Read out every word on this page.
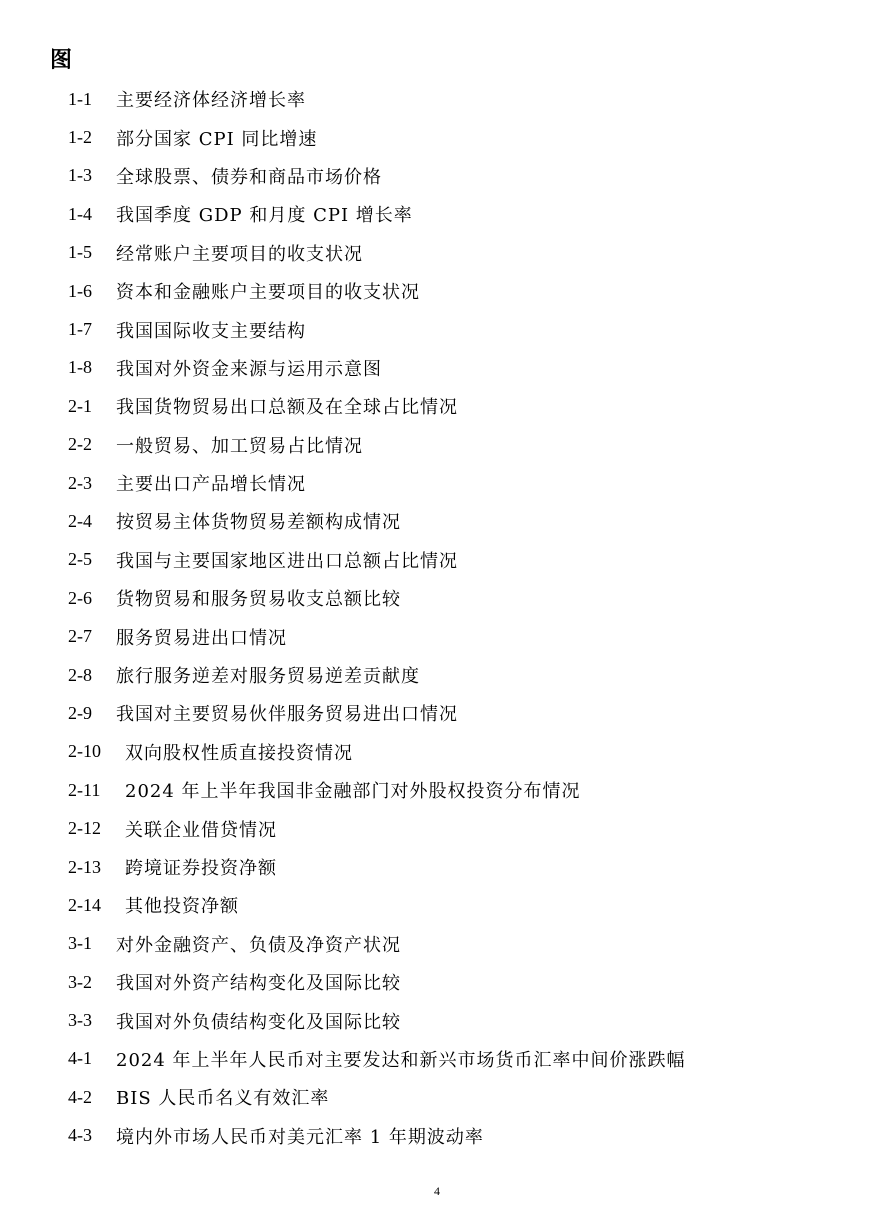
图
1-1	主要经济体经济增长率
1-2	部分国家 CPI 同比增速
1-3	全球股票、债券和商品市场价格
1-4	我国季度 GDP 和月度 CPI 增长率
1-5	经常账户主要项目的收支状况
1-6	资本和金融账户主要项目的收支状况
1-7	我国国际收支主要结构
1-8	我国对外资金来源与运用示意图
2-1	我国货物贸易出口总额及在全球占比情况
2-2	一般贸易、加工贸易占比情况
2-3	主要出口产品增长情况
2-4	按贸易主体货物贸易差额构成情况
2-5	我国与主要国家地区进出口总额占比情况
2-6	货物贸易和服务贸易收支总额比较
2-7	服务贸易进出口情况
2-8	旅行服务逆差对服务贸易逆差贡献度
2-9	我国对主要贸易伙伴服务贸易进出口情况
2-10	双向股权性质直接投资情况
2-11	2024 年上半年我国非金融部门对外股权投资分布情况
2-12	关联企业借贷情况
2-13	跨境证券投资净额
2-14	其他投资净额
3-1	对外金融资产、负债及净资产状况
3-2	我国对外资产结构变化及国际比较
3-3	我国对外负债结构变化及国际比较
4-1	2024 年上半年人民币对主要发达和新兴市场货币汇率中间价涨跌幅
4-2	BIS 人民币名义有效汇率
4-3	境内外市场人民币对美元汇率 1 年期波动率
4
